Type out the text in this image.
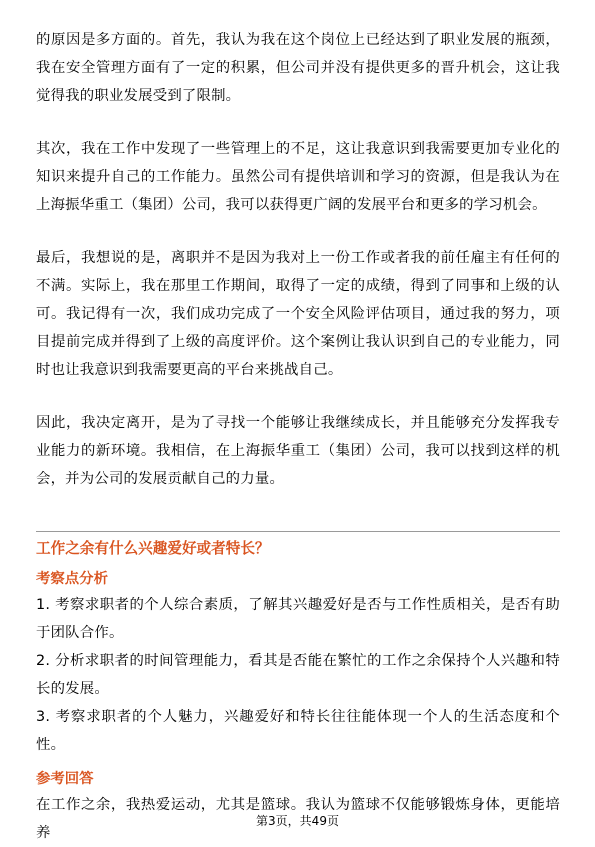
的原因是多方面的。首先，我认为我在这个岗位上已经达到了职业发展的瓶颈，我在安全管理方面有了一定的积累，但公司并没有提供更多的晋升机会，这让我觉得我的职业发展受到了限制。

其次，我在工作中发现了一些管理上的不足，这让我意识到我需要更加专业化的知识来提升自己的工作能力。虽然公司有提供培训和学习的资源，但是我认为在上海振华重工（集团）公司，我可以获得更广阔的发展平台和更多的学习机会。

最后，我想说的是，离职并不是因为我对上一份工作或者我的前任雇主有任何的不满。实际上，我在那里工作期间，取得了一定的成绩，得到了同事和上级的认可。我记得有一次，我们成功完成了一个安全风险评估项目，通过我的努力，项目提前完成并得到了上级的高度评价。这个案例让我认识到自己的专业能力，同时也让我意识到我需要更高的平台来挑战自己。

因此，我决定离开，是为了寻找一个能够让我继续成长，并且能够充分发挥我专业能力的新环境。我相信，在上海振华重工（集团）公司，我可以找到这样的机会，并为公司的发展贡献自己的力量。

工作之余有什么兴趣爱好或者特长？

考察点分析

1. 考察求职者的个人综合素质，了解其兴趣爱好是否与工作性质相关，是否有助于团队合作。

2. 分析求职者的时间管理能力，看其是否能在繁忙的工作之余保持个人兴趣和特长的发展。

3. 考察求职者的个人魅力，兴趣爱好和特长往往能体现一个人的生活态度和个性。

参考回答

在工作之余，我热爱运动，尤其是篮球。我认为篮球不仅能够锻炼身体，更能培养

第3页，共49页
